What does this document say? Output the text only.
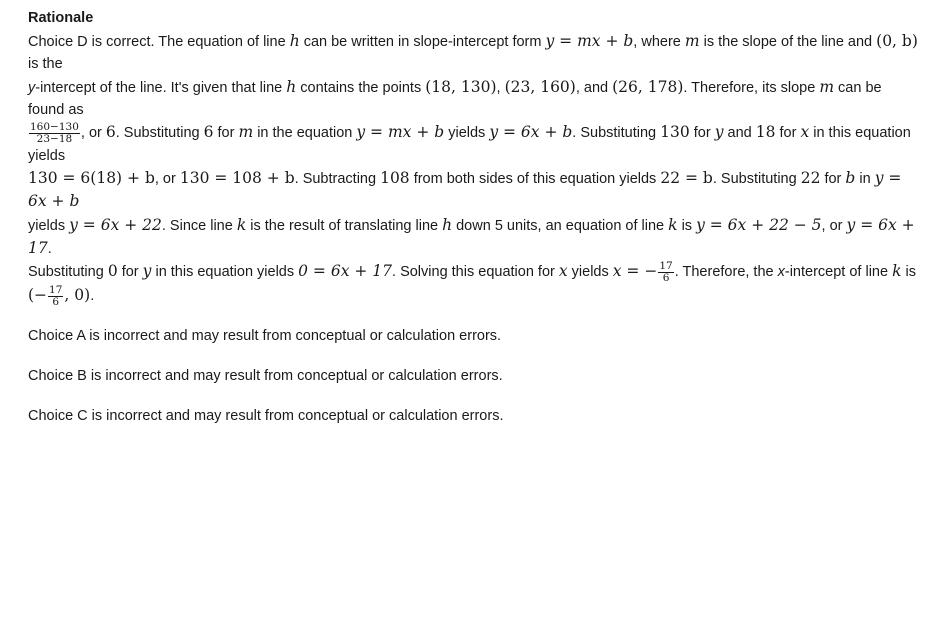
Rationale

Choice D is correct. The equation of line h can be written in slope-intercept form y = mx + b, where m is the slope of the line and (0, b) is the
y-intercept of the line. It's given that line h contains the points (18, 130), (23, 160), and (26, 178). Therefore, its slope m can be found as

$\frac{160-130}{23-18}$ , or 6. Substituting 6 for m in the equation y = mx + b yields y = 6x + b. Substituting 130 for y and 18 for x in this equation yields
130 = 6(18) + b, or 130 = 108 + b. Subtracting 108 from both sides of this equation yields 22 = b. Substituting 22 for b in y = 6x + b
yields y = 6x + 22. Since line k is the result of translating line h down 5 units, an equation of line k is y = 6x + 22 − 5, or y = 6x + 17.
Substituting 0 for y in this equation yields 0 = 6x + 17. Solving this equation for x yields x = − $\frac{17}{6}$ . Therefore, the x-intercept of line k is
(− $\frac{17}{6}$ , 0).

Choice A is incorrect and may result from conceptual or calculation errors.

Choice B is incorrect and may result from conceptual or calculation errors.

Choice C is incorrect and may result from conceptual or calculation errors.
